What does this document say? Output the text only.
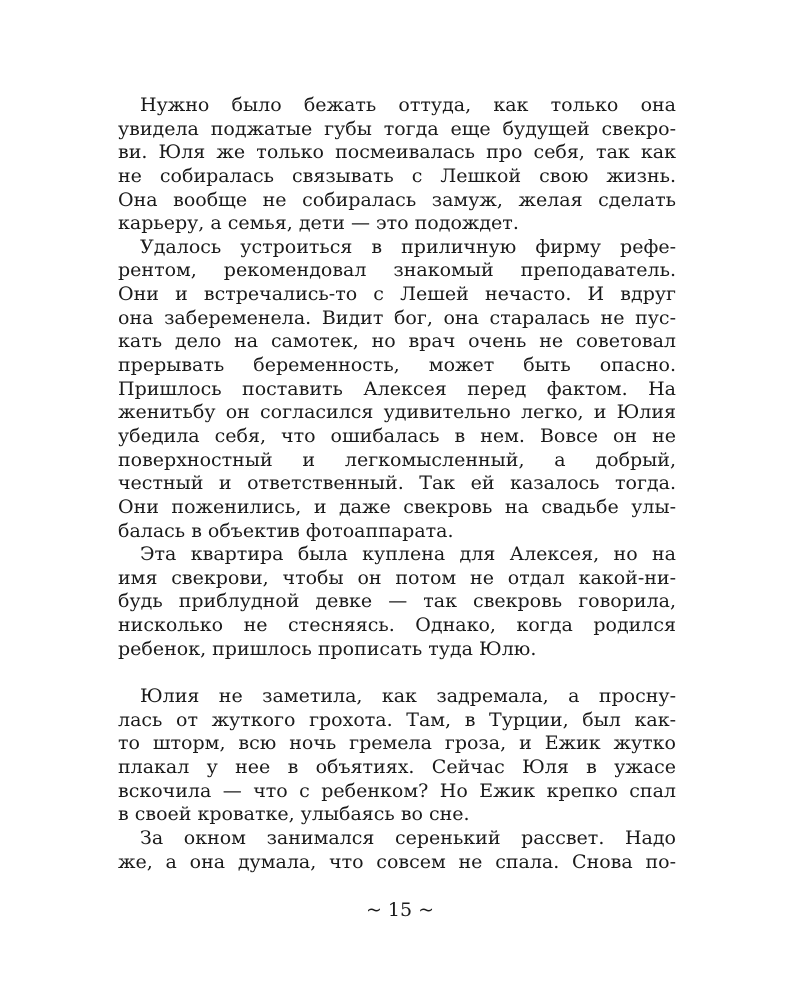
Нужно было бежать оттуда, как только она
увидела поджатые губы тогда еще будущей свекро-
ви. Юля же только посмеивалась про себя, так как
не собиралась связывать с Лешкой свою жизнь.
Она вообще не собиралась замуж, желая сделать
карьеру, а семья, дети — это подождет.
Удалось устроиться в приличную фирму рефе-
рентом, рекомендовал знакомый преподаватель.
Они и встречались-то с Лешей нечасто. И вдруг
она забеременела. Видит бог, она старалась не пус-
кать дело на самотек, но врач очень не советовал
прерывать беременность, может быть опасно.
Пришлось поставить Алексея перед фактом. На
женитьбу он согласился удивительно легко, и Юлия
убедила себя, что ошибалась в нем. Вовсе он не
поверхностный и легкомысленный, а добрый,
честный и ответственный. Так ей казалось тогда.
Они поженились, и даже свекровь на свадьбе улы-
балась в объектив фотоаппарата.
Эта квартира была куплена для Алексея, но на
имя свекрови, чтобы он потом не отдал какой-ни-
будь приблудной девке — так свекровь говорила,
нисколько не стесняясь. Однако, когда родился
ребенок, пришлось прописать туда Юлю.
Юлия не заметила, как задремала, а просну-
лась от жуткого грохота. Там, в Турции, был как-
то шторм, всю ночь гремела гроза, и Ежик жутко
плакал у нее в объятиях. Сейчас Юля в ужасе
вскочила — что с ребенком? Но Ежик крепко спал
в своей кроватке, улыбаясь во сне.
За окном занимался серенький рассвет. Надо
же, а она думала, что совсем не спала. Снова по-
~ 15 ~
